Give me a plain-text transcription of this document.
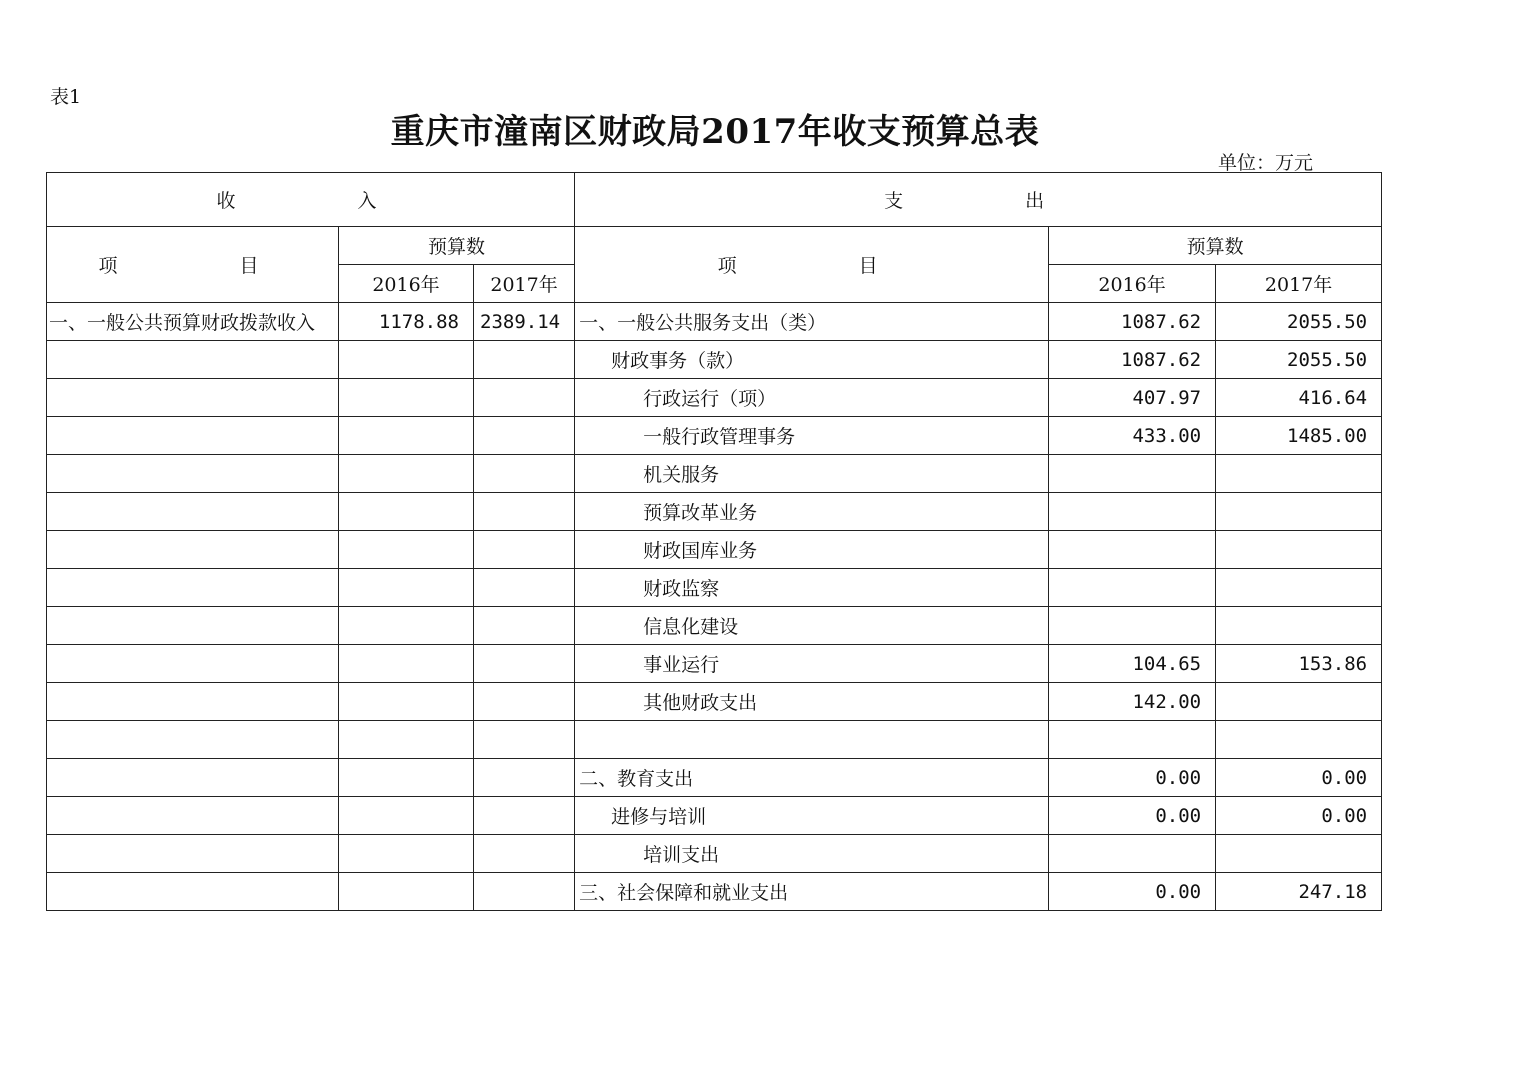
表1
重庆市潼南区财政局2017年收支预算总表
单位：万元
收　　入			支　　出		
项　　目	预算数		项　　目	预算数	
	2016年	2017年		2016年	2017年
一、一般公共预算财政拨款收入	1178.88	2389.14	一、一般公共服务支出（类）	1087.62	2055.50
			财政事务（款）	1087.62	2055.50
			行政运行（项）	407.97	416.64
			一般行政管理事务	433.00	1485.00
			机关服务		
			预算改革业务		
			财政国库业务		
			财政监察		
			信息化建设		
			事业运行	104.65	153.86
			其他财政支出	142.00	

			二、教育支出	0.00	0.00
			进修与培训	0.00	0.00
			培训支出		
			三、社会保障和就业支出	0.00	247.18
